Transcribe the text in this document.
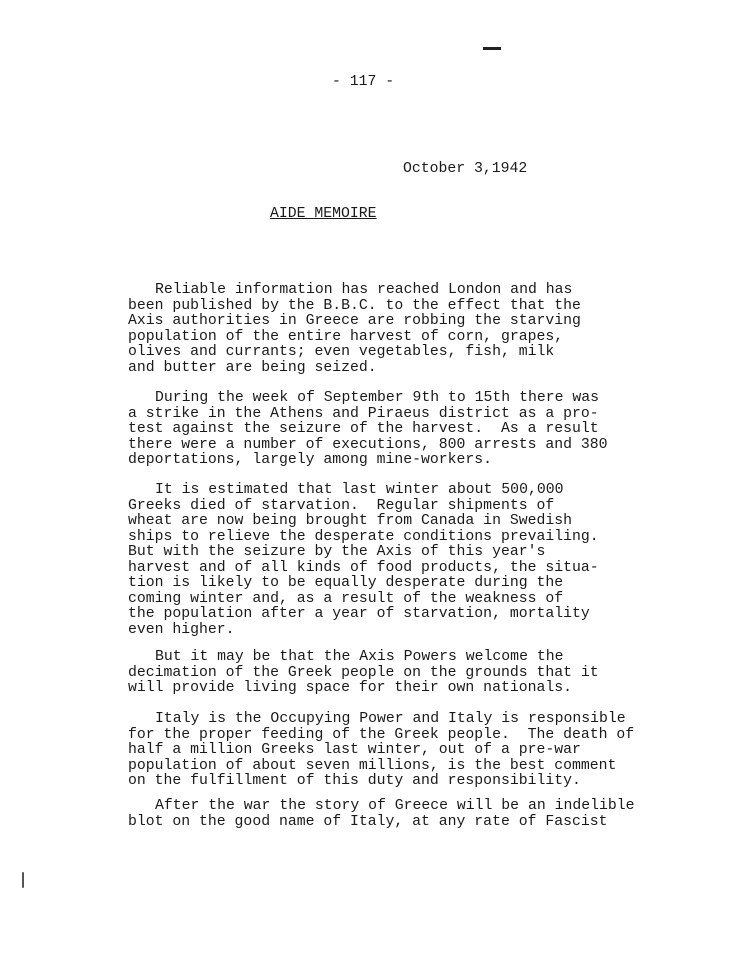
- 117 -
October 3,1942
AIDE MEMOIRE

Reliable information has reached London and has
been published by the B.B.C. to the effect that the
Axis authorities in Greece are robbing the starving
population of the entire harvest of corn, grapes,
olives and currants; even vegetables, fish, milk
and butter are being seized.

During the week of September 9th to 15th there was
a strike in the Athens and Piraeus district as a pro-
test against the seizure of the harvest.  As a result
there were a number of executions, 800 arrests and 380
deportations, largely among mine-workers.

It is estimated that last winter about 500,000
Greeks died of starvation.  Regular shipments of
wheat are now being brought from Canada in Swedish
ships to relieve the desperate conditions prevailing.
But with the seizure by the Axis of this year's
harvest and of all kinds of food products, the situa-
tion is likely to be equally desperate during the
coming winter and, as a result of the weakness of
the population after a year of starvation, mortality
even higher.

But it may be that the Axis Powers welcome the
decimation of the Greek people on the grounds that it
will provide living space for their own nationals.

Italy is the Occupying Power and Italy is responsible
for the proper feeding of the Greek people.  The death of
half a million Greeks last winter, out of a pre-war
population of about seven millions, is the best comment
on the fulfillment of this duty and responsibility.

After the war the story of Greece will be an indelible
blot on the good name of Italy, at any rate of Fascist
